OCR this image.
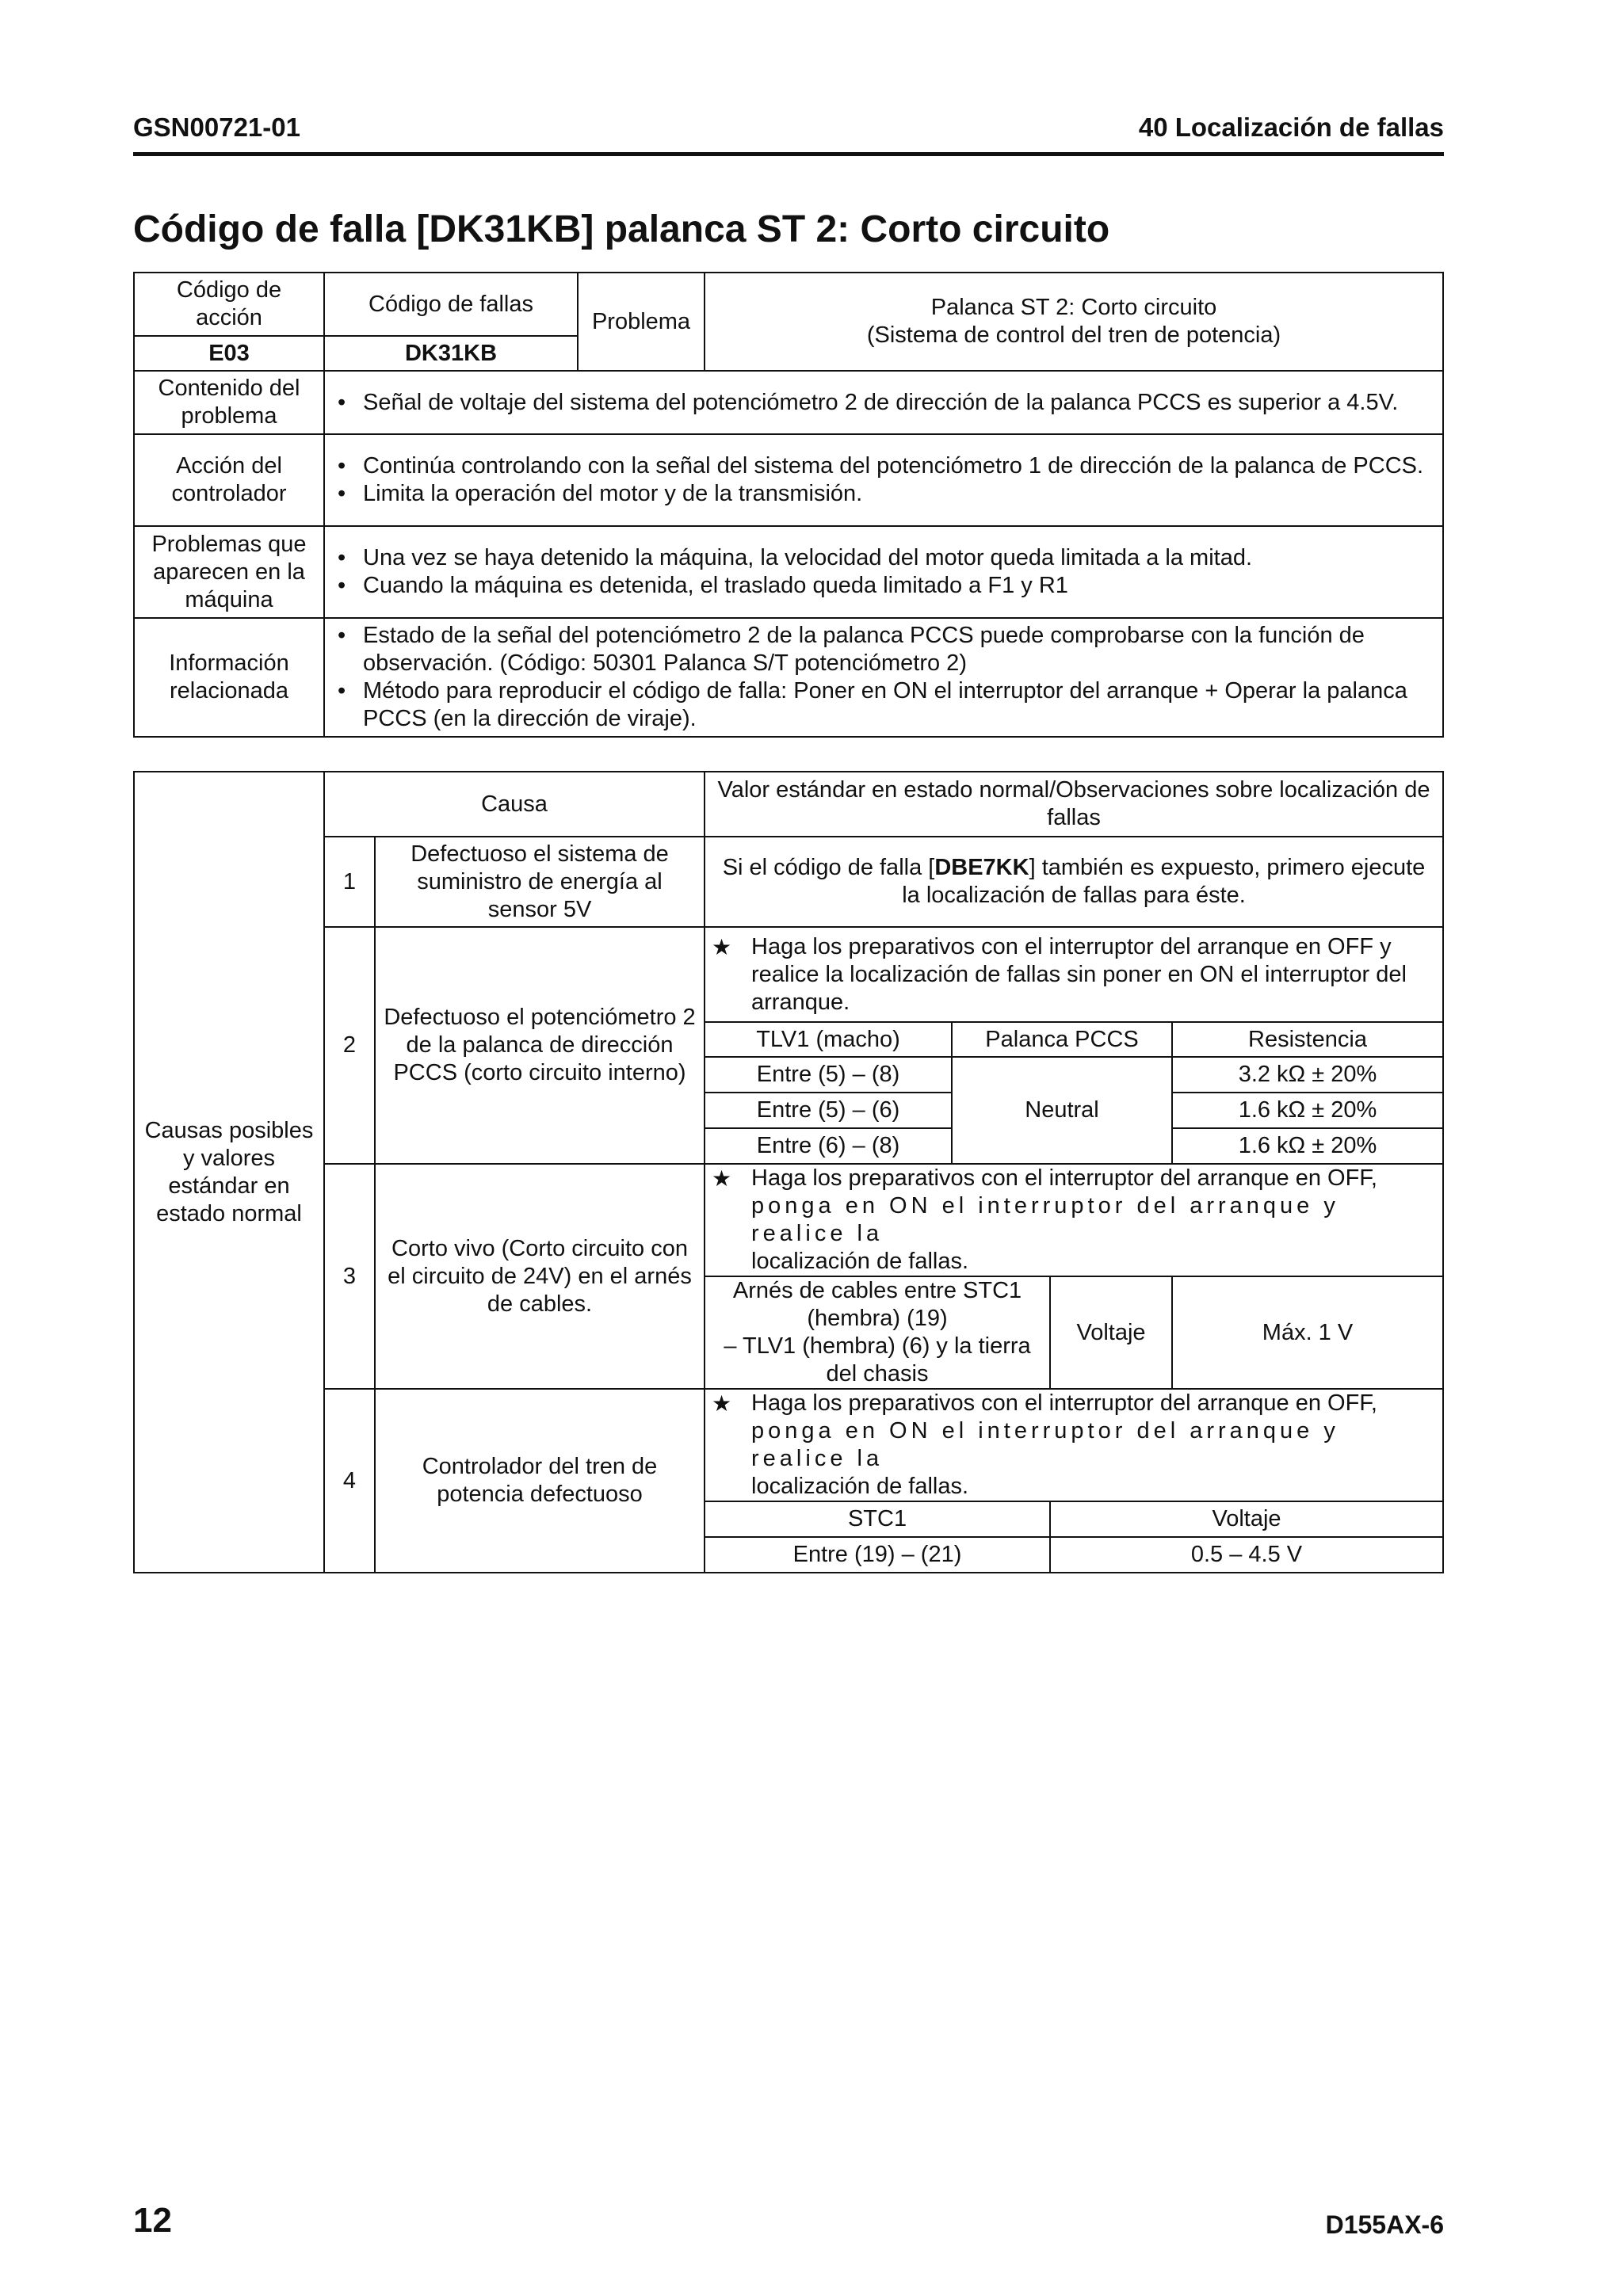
GSN00721-01	40 Localización de fallas
Código de falla [DK31KB] palanca ST 2: Corto circuito
Código de acción	Código de fallas	Problema	Palanca ST 2: Corto circuito
(Sistema de control del tren de potencia)

E03	DK31KB		
Contenido del problema	• Señal de voltaje del sistema del potenciómetro 2 de dirección de la palanca PCCS es superior a 4.5V.

Acción del controlador	• Continúa controlando con la señal del sistema del potenciómetro 1 de dirección de la palanca de PCCS.
• Limita la operación del motor y de la transmisión.

Problemas que aparecen en la máquina	• Una vez se haya detenido la máquina, la velocidad del motor queda limitada a la mitad.
• Cuando la máquina es detenida, el traslado queda limitado a F1 y R1

Información relacionada	• Estado de la señal del potenciómetro 2 de la palanca PCCS puede comprobarse con la función de observación. (Código: 50301 Palanca S/T potenciómetro 2)
• Método para reproducir el código de falla: Poner en ON el interruptor del arranque + Operar la palanca PCCS (en la dirección de viraje).
Causas posibles y valores estándar en estado normal	Causa		Valor estándar en estado normal/Observaciones sobre localización de fallas			
	1	Defectuoso el sistema de suministro de energía al sensor 5V	Si el código de falla [DBE7KK] también es expuesto, primero ejecute la localización de fallas para éste.			
	2	Defectuoso el potenciómetro 2 de la palanca de dirección PCCS (corto circuito interno)	★ Haga los preparativos con el interruptor del arranque en OFF y realice la localización de fallas sin poner en ON el interruptor del arranque.

			TLV1 (macho)	Palanca PCCS		Resistencia
			Entre (5) – (8)	Neutral		3.2 kΩ ± 20%
			Entre (5) – (6)			1.6 kΩ ± 20%
			Entre (6) – (8)			1.6 kΩ ± 20%
	3	Corto vivo (Corto circuito con el circuito de 24V) en el arnés de cables.	★ Haga los preparativos con el interruptor del arranque en OFF,
ponga en ON el interruptor del arranque y realice la
localización de fallas.

			Arnés de cables entre STC1 (hembra) (19)
– TLV1 (hembra) (6) y la tierra del chasis		Voltaje	Máx. 1 V
	4	Controlador del tren de potencia defectuoso	★ Haga los preparativos con el interruptor del arranque en OFF,
ponga en ON el interruptor del arranque y realice la
localización de fallas.

			STC1		Voltaje	
			Entre (19) – (21)		0.5 – 4.5 V	
12	D155AX-6
